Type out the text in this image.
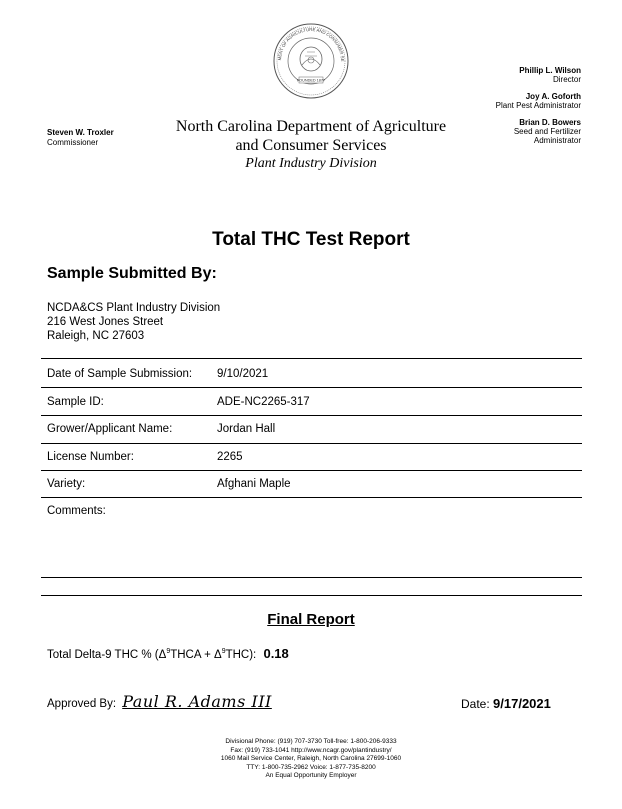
MENT OF AGRICULTURE AND CONSUMER SE
FOUNDED 1877
Steven W. Troxler
Commissioner
North Carolina Department of Agriculture
and Consumer Services
Plant Industry Division
Phillip L. Wilson
Director
Joy A. Goforth
Plant Pest Administrator
Brian D. Bowers
Seed and Fertilizer
Administrator
Total THC Test Report
Sample Submitted By:
NCDA&CS Plant Industry Division
216 West Jones Street
Raleigh, NC 27603
Date of Sample Submission: 9/10/2021
Sample ID:	ADE-NC2265-317
Grower/Applicant Name:	Jordan Hall
License Number:	2265
Variety:	Afghani Maple
Comments:
Final Report
Total Delta-9 THC % $(\Delta^9THCA + \Delta^9THC)$: 0.18
Approved By: Paul R. Adams III	Date: 9/17/2021
Divisional Phone: (919) 707-3730 Toll-free: 1-800-206-9333
Fax: (919) 733-1041 http://www.ncagr.gov/plantindustry/
1060 Mail Service Center, Raleigh, North Carolina 27699-1060
TTY: 1-800-735-2962 Voice: 1-877-735-8200
An Equal Opportunity Employer
